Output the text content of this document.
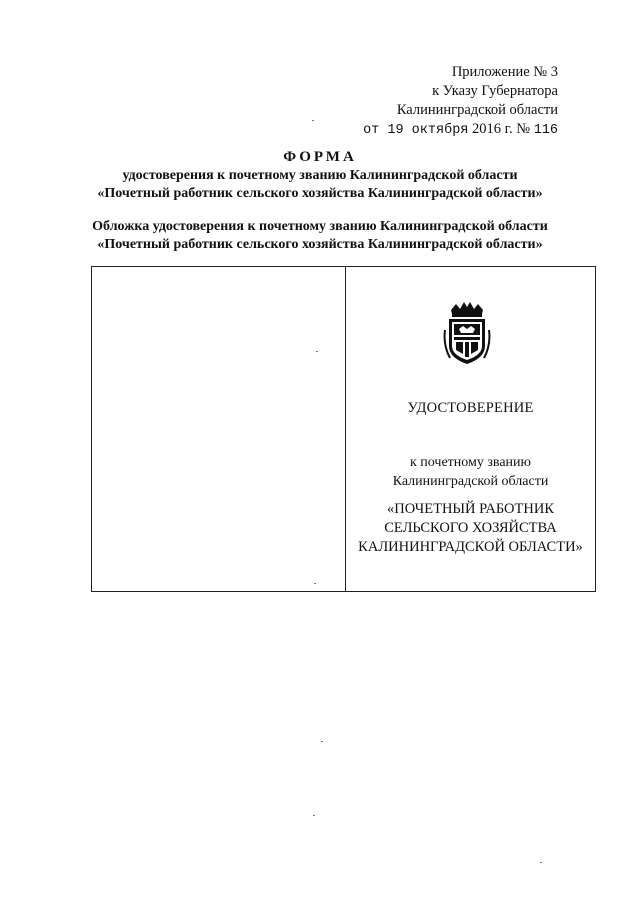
Приложение № 3
к Указу Губернатора
Калининградской области
от 19 октября 2016 г. № 116
ФОРМА
удостоверения к почетному званию Калининградской области
«Почетный работник сельского хозяйства Калининградской области»
Обложка удостоверения к почетному званию Калининградской области
«Почетный работник сельского хозяйства Калининградской области»
УДОСТОВЕРЕНИЕ
к почетному званию
Калининградской области
«ПОЧЕТНЫЙ РАБОТНИК
СЕЛЬСКОГО ХОЗЯЙСТВА
КАЛИНИНГРАДСКОЙ ОБЛАСТИ»
